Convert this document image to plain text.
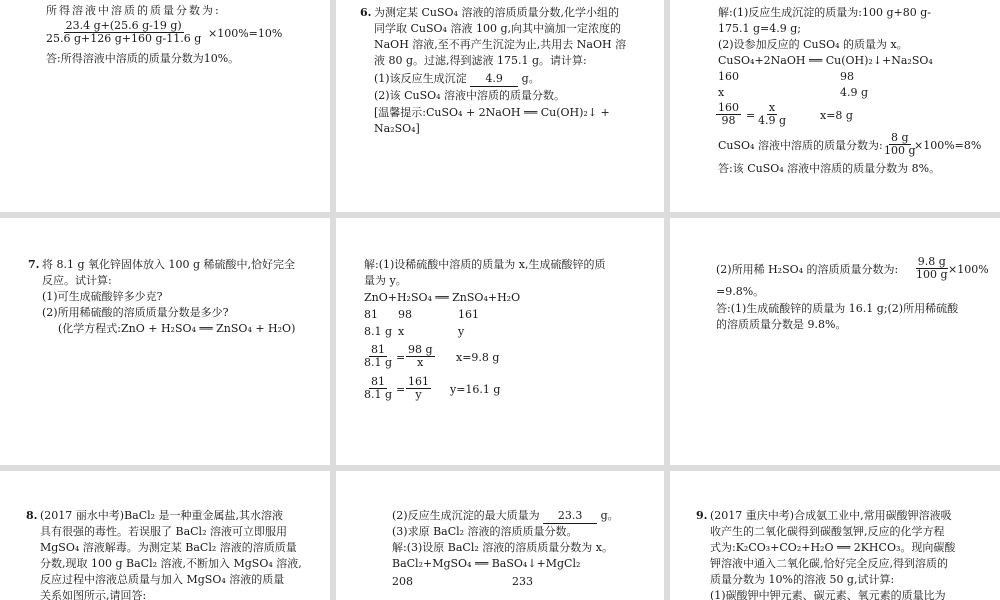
所得溶液中溶质的质量分数为:
$\frac{23.4 g+(25.6 g-19 g)}{25.6 g+126 g+160 g-11.6 g} \times 100\%=10\%$
答:所得溶液中溶质的质量分数为10%。
6. 为测定某 CuSO₄ 溶液的溶质质量分数,化学小组的
同学取 CuSO₄ 溶液 100 g,向其中滴加一定浓度的
NaOH 溶液,至不再产生沉淀为止,共用去 NaOH 溶
液 80 g。过滤,得到滤液 175.1 g。请计算:
(1)该反应生成沉淀 4.9 g。
(2)该 CuSO₄ 溶液中溶质的质量分数。
[温馨提示:CuSO₄ + 2NaOH ══ Cu(OH)₂↓ +
Na₂SO₄]
解:(1)反应生成沉淀的质量为:100 g+80 g-
175.1 g=4.9 g;
(2)设参加反应的 CuSO₄ 的质量为 x。
CuSO₄+2NaOH ══ Cu(OH)₂↓+Na₂SO₄
160	98
x	4.9 g
$\frac{160}{98} = \frac{x}{4.9 g}$	x=8 g
CuSO₄ 溶液中溶质的质量分数为: $\frac{8 g}{100 g}$
×100%=8%
答:该 CuSO₄ 溶液中溶质的质量分数为 8%。
7. 将 8.1 g 氧化锌固体放入 100 g 稀硫酸中,恰好完全
反应。试计算:
(1)可生成硫酸锌多少克?
(2)所用稀硫酸的溶质质量分数是多少?
(化学方程式:ZnO + H₂SO₄ ══ ZnSO₄ + H₂O)
解:(1)设稀硫酸中溶质的质量为 x,生成硫酸锌的质
量为 y。
ZnO+H₂SO₄ ══ ZnSO₄+H₂O
81 98	161
8.1 g x	y
$\frac{81}{8.1 g} = \frac{98 g}{x} x=9.8$ g
$\frac{81}{8.1 g} = \frac{161}{y} y=16.1$ g
(2)所用稀 H₂SO₄ 的溶质质量分数为: $\frac{9.8 g}{100 g}$
×100%
=9.8%。
答:(1)生成硫酸锌的质量为 16.1 g;(2)所用稀硫酸
的溶质质量分数是 9.8%。
8. (2017 丽水中考)BaCl₂ 是一种重金属盐,其水溶液
具有很强的毒性。若误服了 BaCl₂ 溶液可立即服用
MgSO₄ 溶液解毒。为测定某 BaCl₂ 溶液的溶质质量
分数,现取 100 g BaCl₂ 溶液,不断加入 MgSO₄ 溶液,
反应过程中溶液总质量与加入 MgSO₄ 溶液的质量
关系如图所示,请回答:
(2)反应生成沉淀的最大质量为 23.3 g。
(3)求原 BaCl₂ 溶液的溶质质量分数。
解:(3)设原 BaCl₂ 溶液的溶质质量分数为 x。
BaCl₂+MgSO₄ ══ BaSO₄↓+MgCl₂
208	233
9. (2017 重庆中考)合成氨工业中,常用碳酸钾溶液吸
收产生的二氧化碳得到碳酸氢钾,反应的化学方程
式为:K₂CO₃+CO₂+H₂O ══ 2KHCO₃。现向碳酸
钾溶液中通入二氧化碳,恰好完全反应,得到溶质的
质量分数为 10%的溶液 50 g,试计算:
(1)碳酸钾中钾元素、碳元素、氧元素的质量比为
